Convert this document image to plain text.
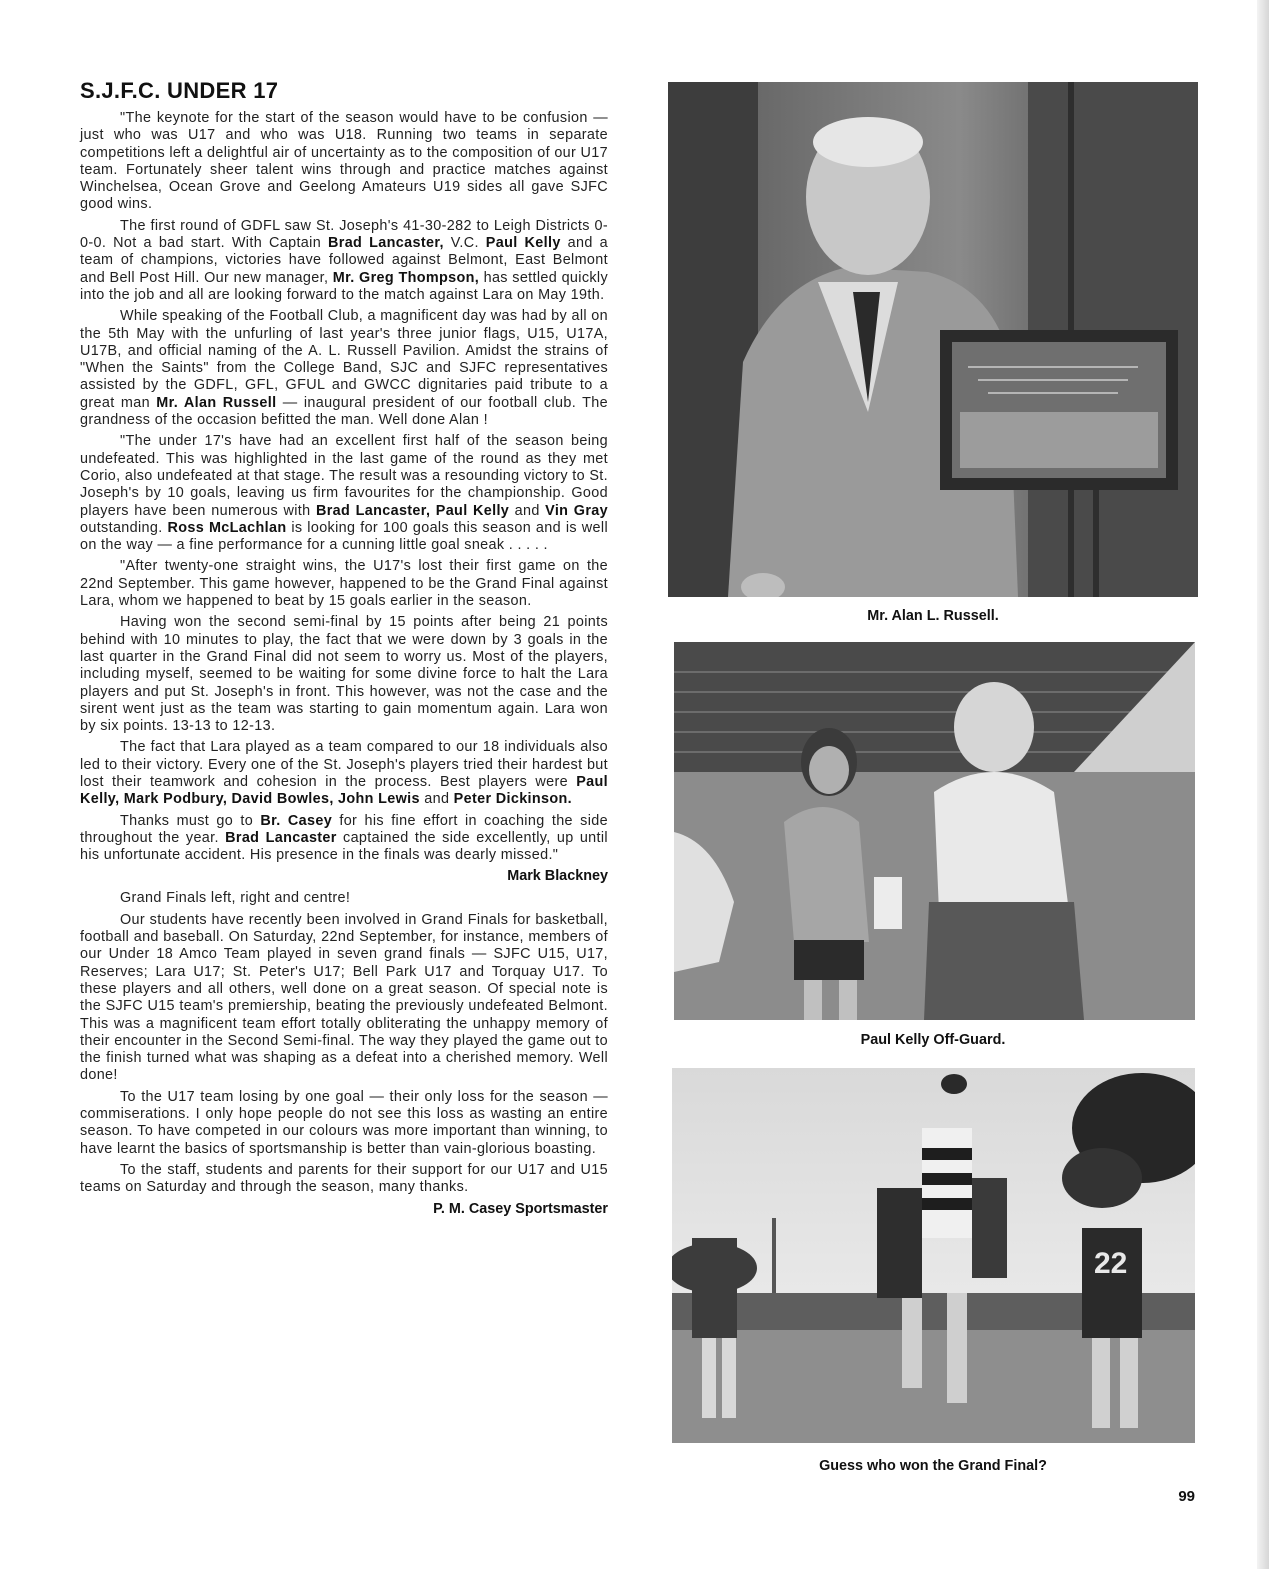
S.J.F.C. UNDER 17

"The keynote for the start of the season would have to be confusion — just who was U17 and who was U18. Running two teams in separate competitions left a delightful air of uncertainty as to the composition of our U17 team. Fortunately sheer talent wins through and practice matches against Winchelsea, Ocean Grove and Geelong Amateurs U19 sides all gave SJFC good wins.

The first round of GDFL saw St. Joseph's 41-30-282 to Leigh Districts 0-0-0. Not a bad start. With Captain Brad Lancaster, V.C. Paul Kelly and a team of champions, victories have followed against Belmont, East Belmont and Bell Post Hill. Our new manager, Mr. Greg Thompson, has settled quickly into the job and all are looking forward to the match against Lara on May 19th.

While speaking of the Football Club, a magnificent day was had by all on the 5th May with the unfurling of last year's three junior flags, U15, U17A, U17B, and official naming of the A. L. Russell Pavilion. Amidst the strains of "When the Saints" from the College Band, SJC and SJFC representatives assisted by the GDFL, GFL, GFUL and GWCC dignitaries paid tribute to a great man Mr. Alan Russell — inaugural president of our football club. The grandness of the occasion befitted the man. Well done Alan !

"The under 17's have had an excellent first half of the season being undefeated. This was highlighted in the last game of the round as they met Corio, also undefeated at that stage. The result was a resounding victory to St. Joseph's by 10 goals, leaving us firm favourites for the championship. Good players have been numerous with Brad Lancaster, Paul Kelly and Vin Gray outstanding. Ross McLachlan is looking for 100 goals this season and is well on the way — a fine performance for a cunning little goal sneak . . . . .

"After twenty-one straight wins, the U17's lost their first game on the 22nd September. This game however, happened to be the Grand Final against Lara, whom we happened to beat by 15 goals earlier in the season.

Having won the second semi-final by 15 points after being 21 points behind with 10 minutes to play, the fact that we were down by 3 goals in the last quarter in the Grand Final did not seem to worry us. Most of the players, including myself, seemed to be waiting for some divine force to halt the Lara players and put St. Joseph's in front. This however, was not the case and the sirent went just as the team was starting to gain momentum again. Lara won by six points. 13-13 to 12-13.

The fact that Lara played as a team compared to our 18 individuals also led to their victory. Every one of the St. Joseph's players tried their hardest but lost their teamwork and cohesion in the process. Best players were Paul Kelly, Mark Podbury, David Bowles, John Lewis and Peter Dickinson.

Thanks must go to Br. Casey for his fine effort in coaching the side throughout the year. Brad Lancaster captained the side excellently, up until his unfortunate accident. His presence in the finals was dearly missed."

Mark Blackney

Grand Finals left, right and centre!

Our students have recently been involved in Grand Finals for basketball, football and baseball. On Saturday, 22nd September, for instance, members of our Under 18 Amco Team played in seven grand finals — SJFC U15, U17, Reserves; Lara U17; St. Peter's U17; Bell Park U17 and Torquay U17. To these players and all others, well done on a great season. Of special note is the SJFC U15 team's premiership, beating the previously undefeated Belmont. This was a magnificent team effort totally obliterating the unhappy memory of their encounter in the Second Semi-final. The way they played the game out to the finish turned what was shaping as a defeat into a cherished memory. Well done!

To the U17 team losing by one goal — their only loss for the season — commiserations. I only hope people do not see this loss as wasting an entire season. To have competed in our colours was more important than winning, to have learnt the basics of sportsmanship is better than vain-glorious boasting.

To the staff, students and parents for their support for our U17 and U15 teams on Saturday and through the season, many thanks.

P. M. Casey Sportsmaster

Mr. Alan L. Russell.
Paul Kelly Off-Guard.
22
Guess who won the Grand Final?
99
